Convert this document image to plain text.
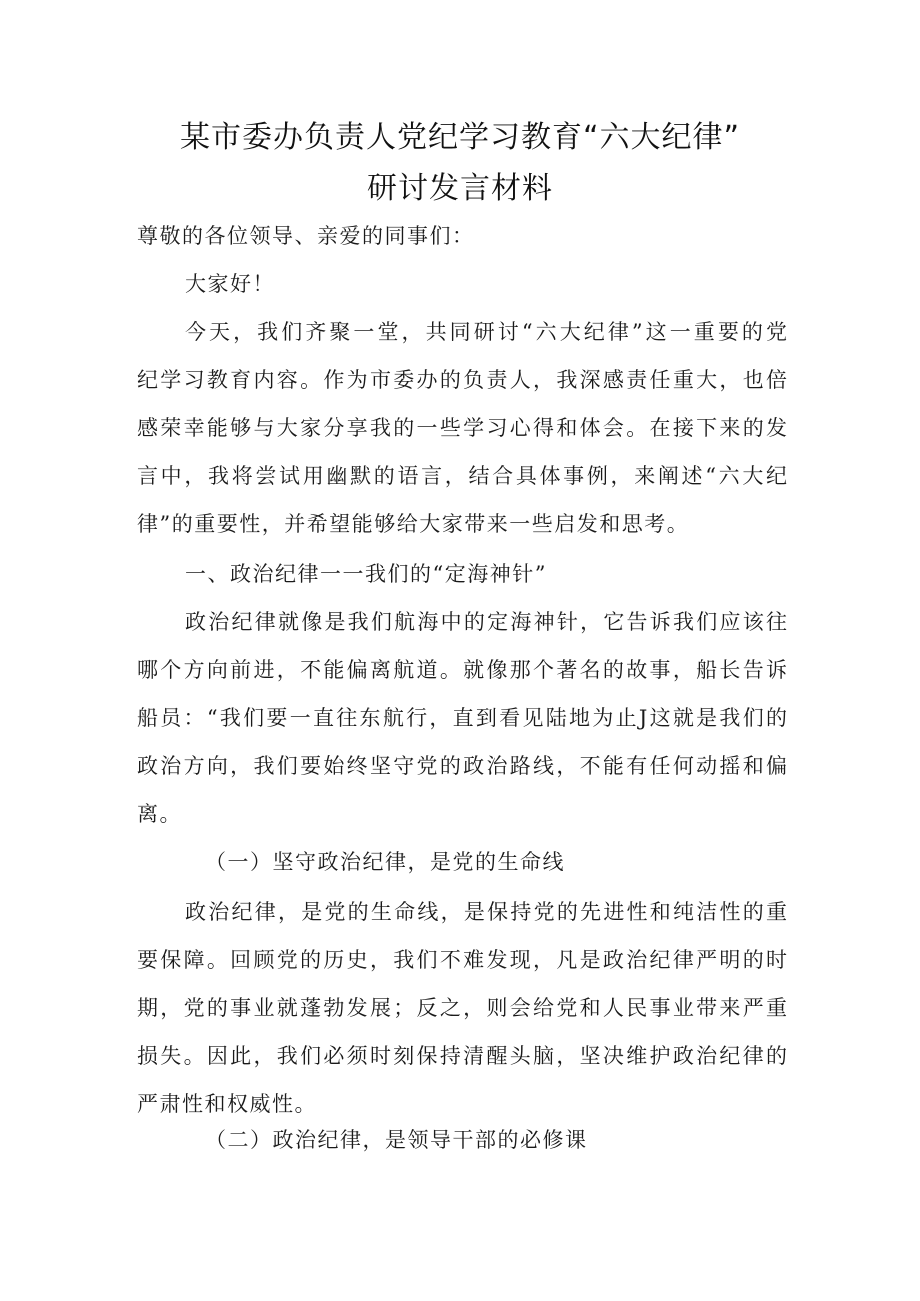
某市委办负责人党纪学习教育“六大纪律”
研讨发言材料
尊敬的各位领导、亲爱的同事们：
大家好！
今天，我们齐聚一堂，共同研讨“六大纪律”这一重要的党
纪学习教育内容。作为市委办的负责人，我深感责任重大，也倍
感荣幸能够与大家分享我的一些学习心得和体会。在接下来的发
言中，我将尝试用幽默的语言，结合具体事例，来阐述“六大纪
律”的重要性，并希望能够给大家带来一些启发和思考。
一、政治纪律一一我们的“定海神针”
政治纪律就像是我们航海中的定海神针，它告诉我们应该往
哪个方向前进，不能偏离航道。就像那个著名的故事，船长告诉
船员：“我们要一直往东航行，直到看见陆地为止J这就是我们的
政治方向，我们要始终坚守党的政治路线，不能有任何动摇和偏
离。
（一）坚守政治纪律，是党的生命线
政治纪律，是党的生命线，是保持党的先进性和纯洁性的重
要保障。回顾党的历史，我们不难发现，凡是政治纪律严明的时
期，党的事业就蓬勃发展；反之，则会给党和人民事业带来严重
损失。因此，我们必须时刻保持清醒头脑，坚决维护政治纪律的
严肃性和权威性。
（二）政治纪律，是领导干部的必修课
